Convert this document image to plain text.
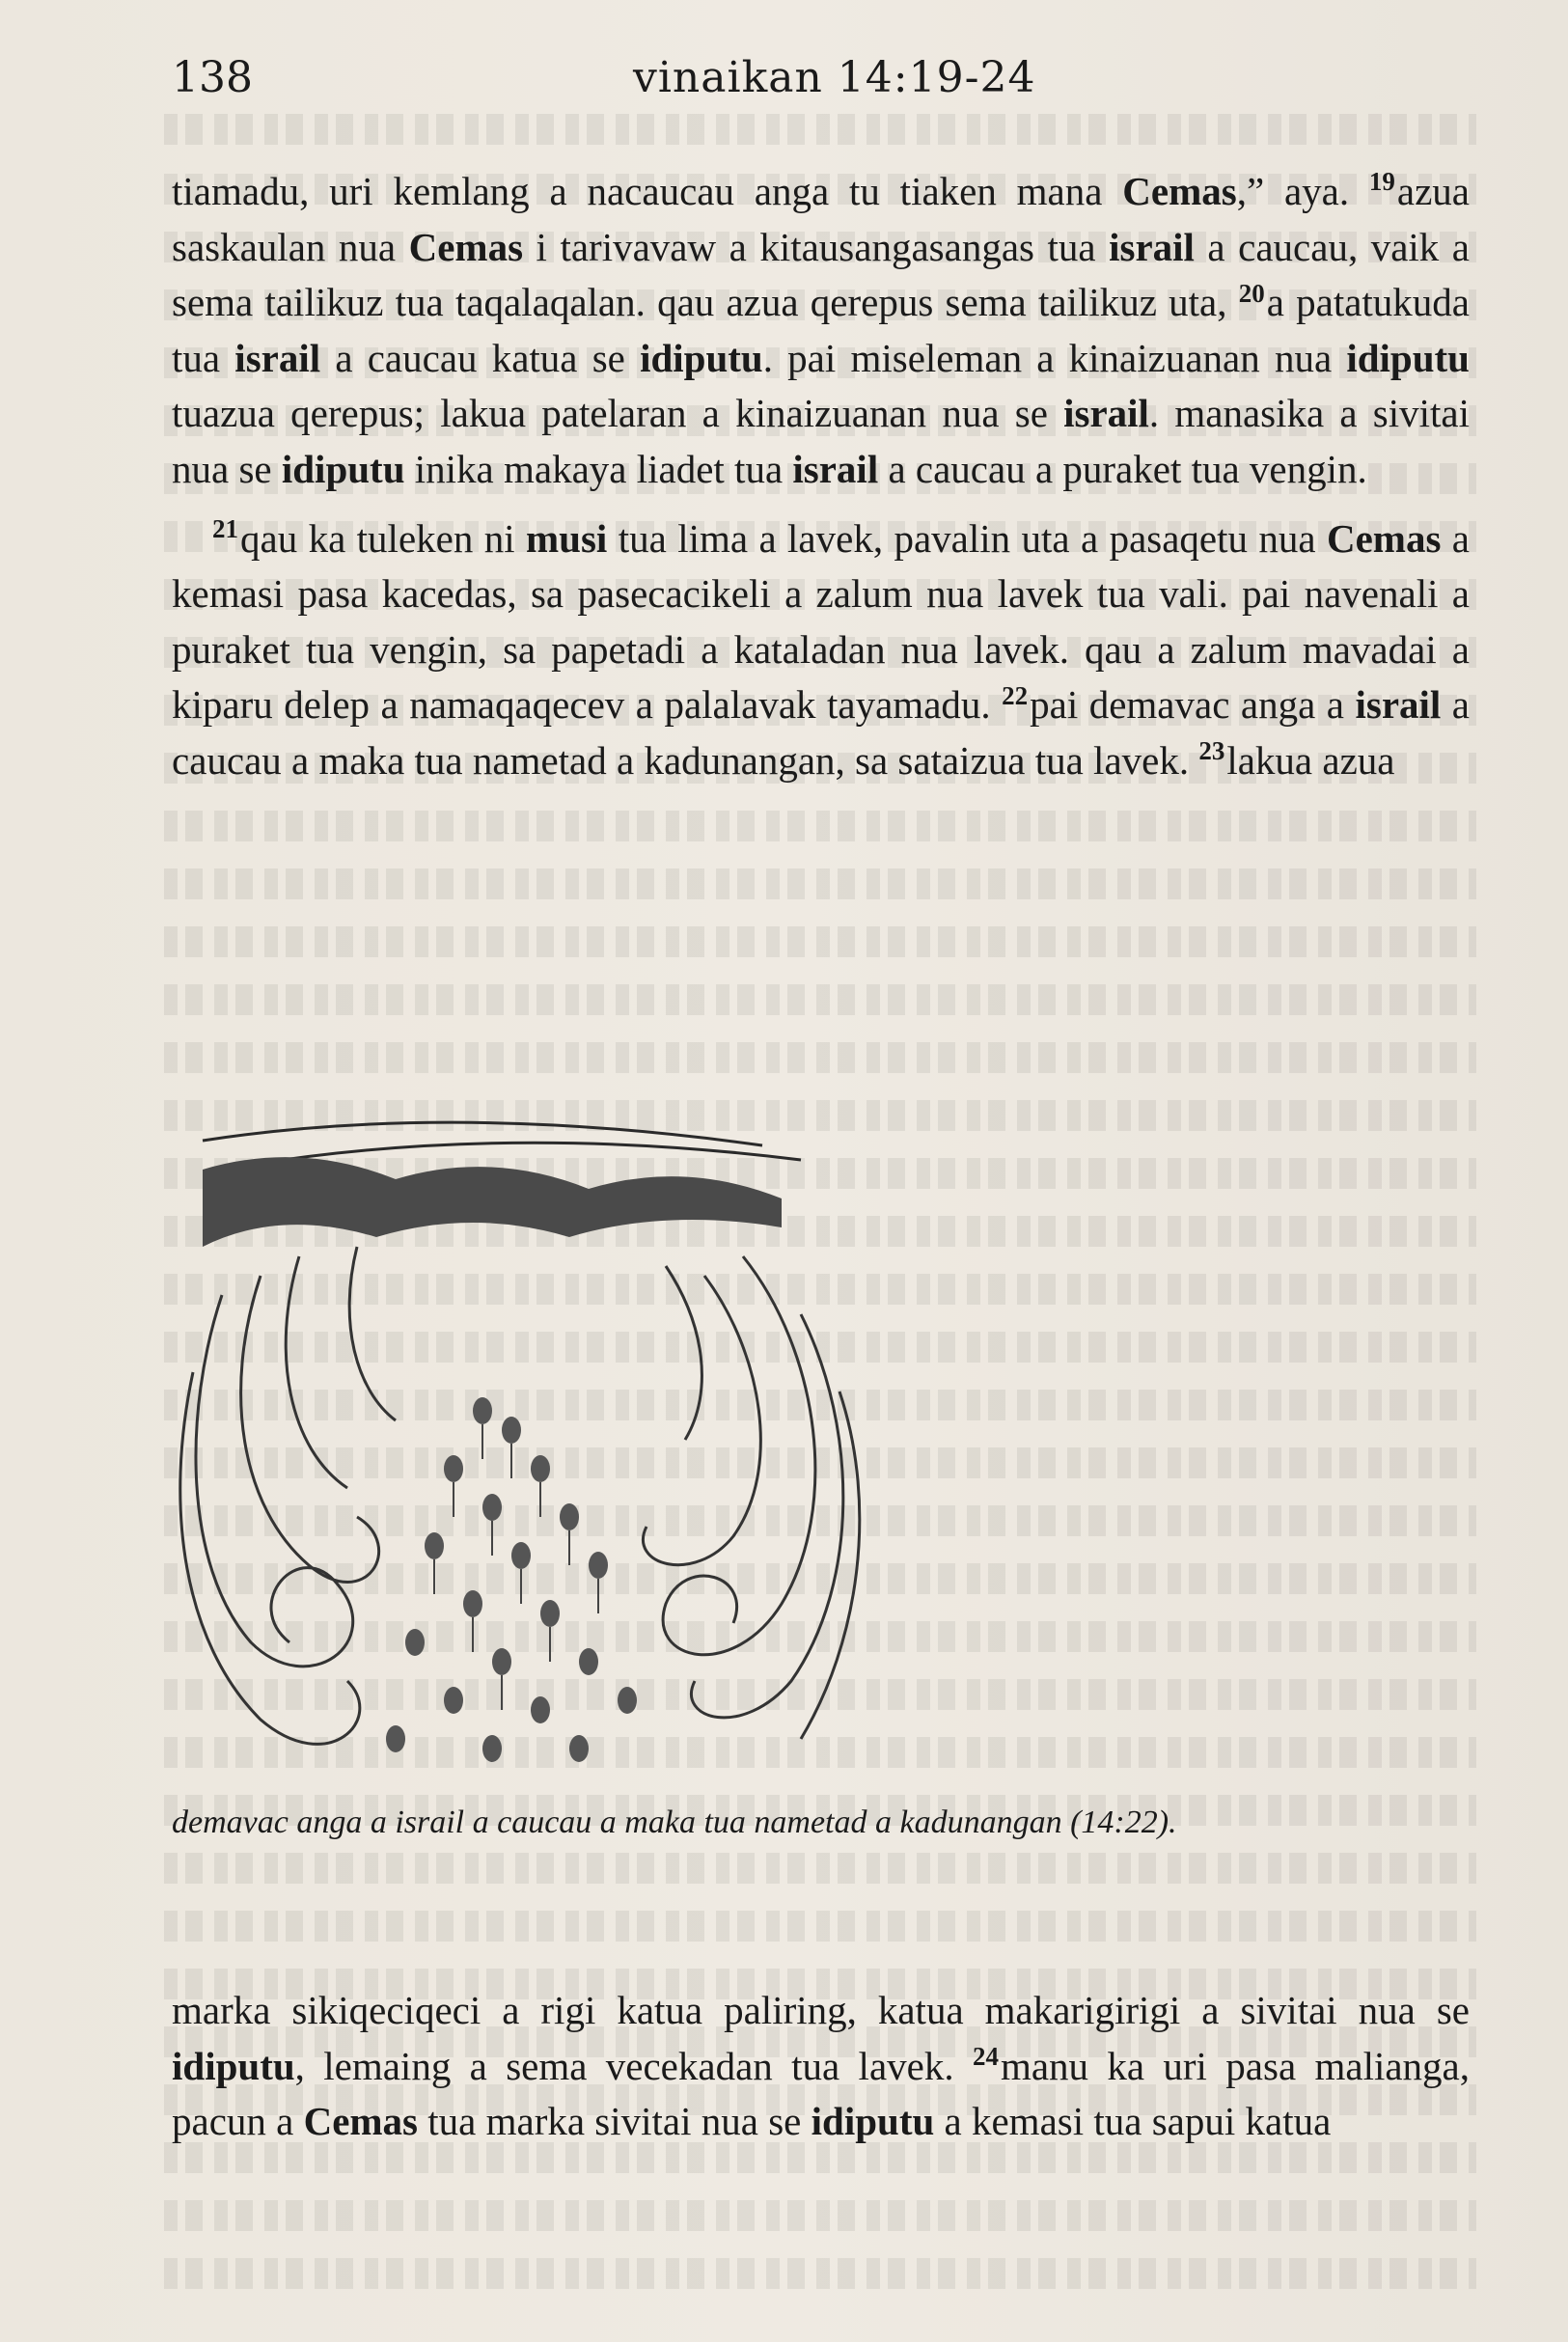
138	vinaikan 14:19-24

tiamadu, uri kemlang a nacaucau anga tu tiaken mana Cemas,” aya. $^{19}$azua saskaulan nua Cemas i tarivavaw a kitausangasangas tua israil a caucau, vaik a sema tailikuz tua taqalaqalan. qau azua qerepus sema tailikuz uta, $^{20}$a patatukuda tua israil a caucau katua se idiputu. pai miseleman a kinaizuanan nua idiputu tuazua qerepus; lakua patelaran a kinaizuanan nua se israil. manasika a sivitai nua se idiputu inika makaya liadet tua israil a caucau a puraket tua vengin.

$^{21}$qau ka tuleken ni musi tua lima a lavek, pavalin uta a pasaqetu nua Cemas a kemasi pasa kacedas, sa pasecacikeli a zalum nua lavek tua vali. pai navenali a puraket tua vengin, sa papetadi a kataladan nua lavek. qau a zalum mavadai a kiparu delep a namaqaqecev a palalavak tayamadu. $^{22}$pai demavac anga a israil a caucau a maka tua nametad a kadunangan, sa sataizua tua lavek. $^{23}$lakua azua

demavac anga a israil a caucau a maka tua nametad a kadunangan (14:22).

marka sikiqeciqeci a rigi katua paliring, katua makarigirigi a sivitai nua se idiputu, lemaing a sema vecekadan tua lavek. $^{24}$manu ka uri pasa malianga, pacun a Cemas tua marka sivitai nua se idiputu a kemasi tua sapui katua
